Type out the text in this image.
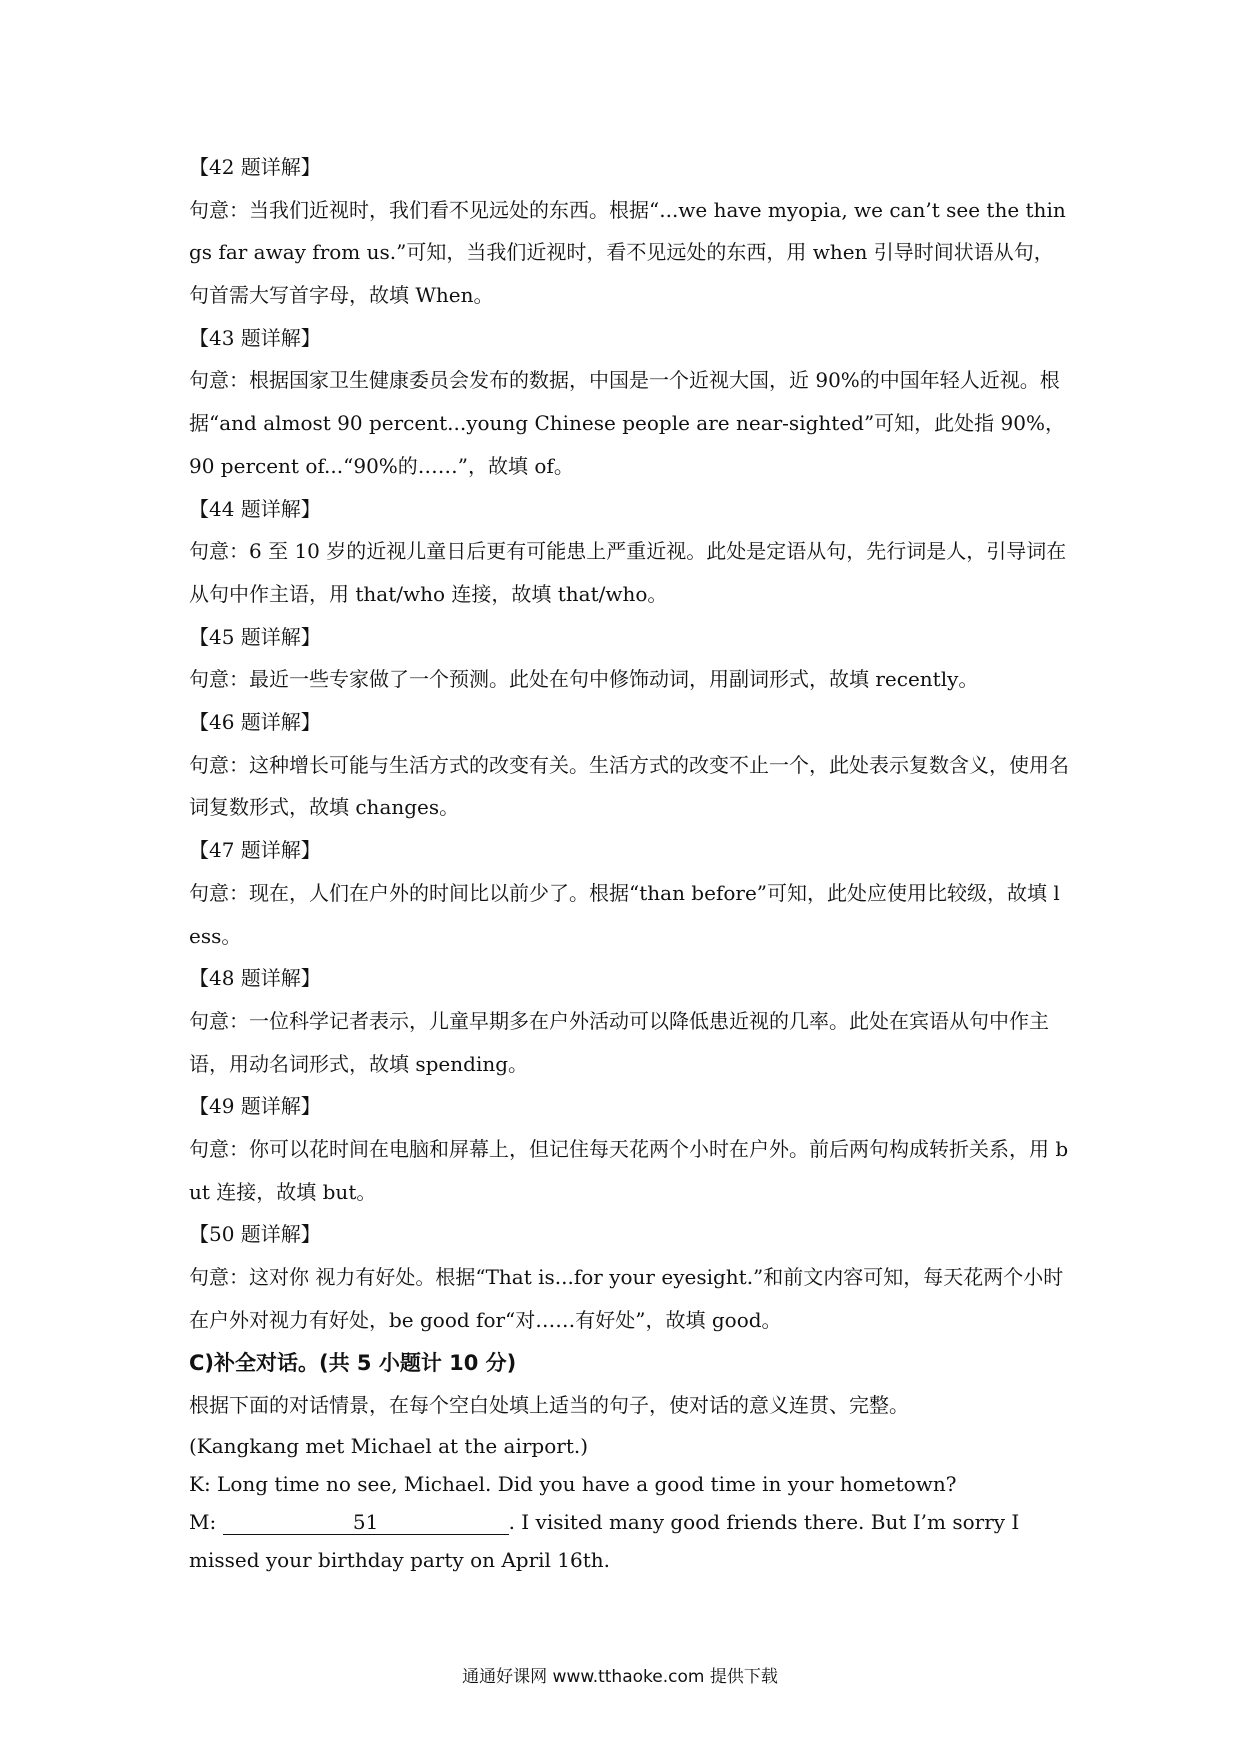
【42 题详解】

句意：当我们近视时，我们看不见远处的东西。根据“...we have myopia, we can’t see the things far away from us.”可知，当我们近视时，看不见远处的东西，用 when 引导时间状语从句，句首需大写首字母，故填 When。

【43 题详解】

句意：根据国家卫生健康委员会发布的数据，中国是一个近视大国，近 90%的中国年轻人近视。根据“and almost 90 percent...young Chinese people are near-sighted”可知，此处指 90%，90 percent of...“90%的……”，故填 of。

【44 题详解】

句意：6 至 10 岁的近视儿童日后更有可能患上严重近视。此处是定语从句，先行词是人，引导词在从句中作主语，用 that/who 连接，故填 that/who。

【45 题详解】

句意：最近一些专家做了一个预测。此处在句中修饰动词，用副词形式，故填 recently。

【46 题详解】

句意：这种增长可能与生活方式的改变有关。生活方式的改变不止一个，此处表示复数含义，使用名词复数形式，故填 changes。

【47 题详解】

句意：现在，人们在户外的时间比以前少了。根据“than before”可知，此处应使用比较级，故填 less。

【48 题详解】

句意：一位科学记者表示，儿童早期多在户外活动可以降低患近视的几率。此处在宾语从句中作主语，用动名词形式，故填 spending。

【49 题详解】

句意：你可以花时间在电脑和屏幕上，但记住每天花两个小时在户外。前后两句构成转折关系，用 but 连接，故填 but。

【50 题详解】

句意：这对你 视力有好处。根据“That is...for your eyesight.”和前文内容可知，每天花两个小时在户外对视力有好处，be good for“对……有好处”，故填 good。

C)补全对话。(共 5 小题计 10 分)
根据下面的对话情景，在每个空白处填上适当的句子，使对话的意义连贯、完整。

(Kangkang met Michael at the airport.)

K: Long time no see, Michael. Did you have a good time in your hometown?

M:	51	. I visited many good friends there. But I’m sorry I missed your birthday party on April 16th.

通通好课网 www.tthaoke.com 提供下载
